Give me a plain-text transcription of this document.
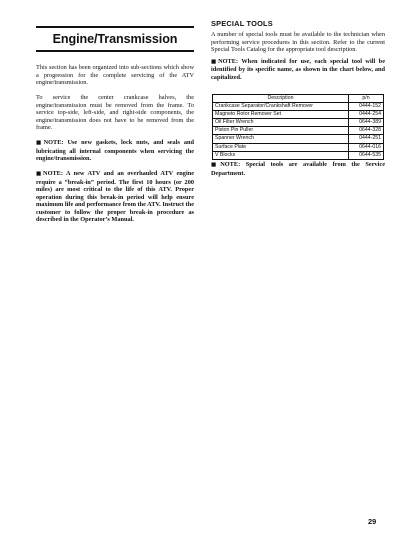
Engine/Transmission

This section has been organized into sub-sections which show a progression for the complete servicing of the ATV engine/transmission.

To service the center crankcase halves, the engine/transmission must be removed from the frame. To service top-side, left-side, and right-side components, the engine/transmission does not have to be removed from the frame.

■NOTE: Use new gaskets, lock nuts, and seals and lubricating all internal components when servicing the engine/transmission.

■NOTE: A new ATV and an overhauled ATV engine require a “break-in” period. The first 10 hours (or 200 miles) are most critical to the life of this ATV. Proper operation during this break-in period will help ensure maximum life and performance from the ATV. Instruct the customer to follow the proper break-in procedure as described in the Operator’s Manual.

SPECIAL TOOLS

A number of special tools must be available to the technician when performing service procedures in this section. Refer to the current Special Tools Catalog for the appropriate tool description.

■NOTE: When indicated for use, each special tool will be identified by its specific name, as shown in the chart below, and capitalized.

Description	p/n
Crankcase Separator/Crankshaft Remover	0444-152
Magneto Rotor Remover Set	0444-254
Oil Filter Wrench	0644-389
Piston Pin Puller	0644-328
Spanner Wrench	0444-251
Surface Plate	0644-016
V Blocks	0644-535

■NOTE: Special tools are available from the Service Department.

29
